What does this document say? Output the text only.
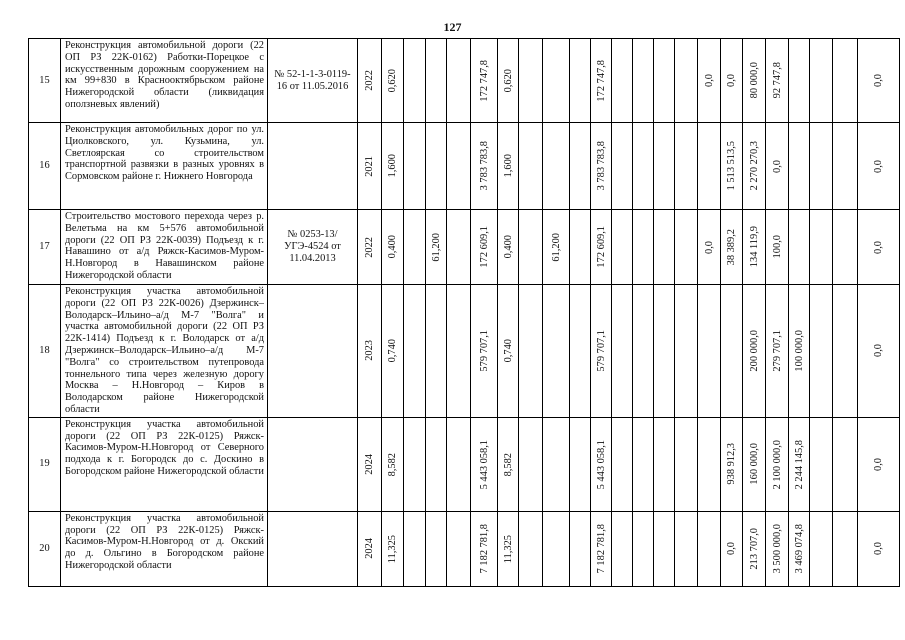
127
15	Реконструкция автомобильной дороги (22 ОП РЗ 22К-0162) Работки-Порецкое с искусственным дорожным сооружением на км 99+830 в Краснооктябрьском районе Нижегородской области (ликвидация оползневых явлений)	№ 52-1-1-3-0119-16 от 11.05.2016	2022	0,620				172 747,8	0,620				172 747,8					0,0	0,0	80 000,0	92 747,8				0,0

16	Реконструкция автомобильных дорог по ул. Циолковского, ул. Кузьмина, ул. Светлоярская со строительством транспортной развязки в разных уровнях в Сормовском районе г. Нижнего Новгорода		2021	1,600				3 783 783,8	1,600				3 783 783,8						1 513 513,5	2 270 270,3	0,0				0,0

17	Строительство мостового перехода через р. Велетьма на км 5+576 автомобильной дороги (22 ОП РЗ 22К-0039) Подъезд к г. Навашино от а/д Ряжск-Касимов-Муром-Н.Новгород в Навашинском районе Нижегородской области	№ 0253-13/УГЭ-4524 от 11.04.2013	2022	0,400		61,200		172 609,1	0,400		61,200		172 609,1					0,0	38 389,2	134 119,9	100,0				0,0

18	Реконструкция участка автомобильной дороги (22 ОП РЗ 22К-0026) Дзержинск–Володарск–Ильино–а/д М-7 "Волга" и участка автомобильной дороги (22 ОП РЗ 22К-1414) Подъезд к г. Володарск от а/д Дзержинск–Володарск–Ильино–а/д М-7 "Волга" со строительством путепровода тоннельного типа через железную дорогу Москва – Н.Новгород – Киров в Володарском районе Нижегородской области		2023	0,740				579 707,1	0,740				579 707,1							200 000,0	279 707,1	100 000,0			0,0

19	Реконструкция участка автомобильной дороги (22 ОП РЗ 22К-0125) Ряжск-Касимов-Муром-Н.Новгород от Северного подхода к г. Богородск до с. Доскино в Богородском районе Нижегородской области		2024	8,582				5 443 058,1	8,582				5 443 058,1						938 912,3	160 000,0	2 100 000,0	2 244 145,8			0,0

20	Реконструкция участка автомобильной дороги (22 ОП РЗ 22К-0125) Ряжск-Касимов-Муром-Н.Новгород от д. Окский до д. Ольгино в Богородском районе Нижегородской области		2024	11,325				7 182 781,8	11,325				7 182 781,8						0,0	213 707,0	3 500 000,0	3 469 074,8			0,0
